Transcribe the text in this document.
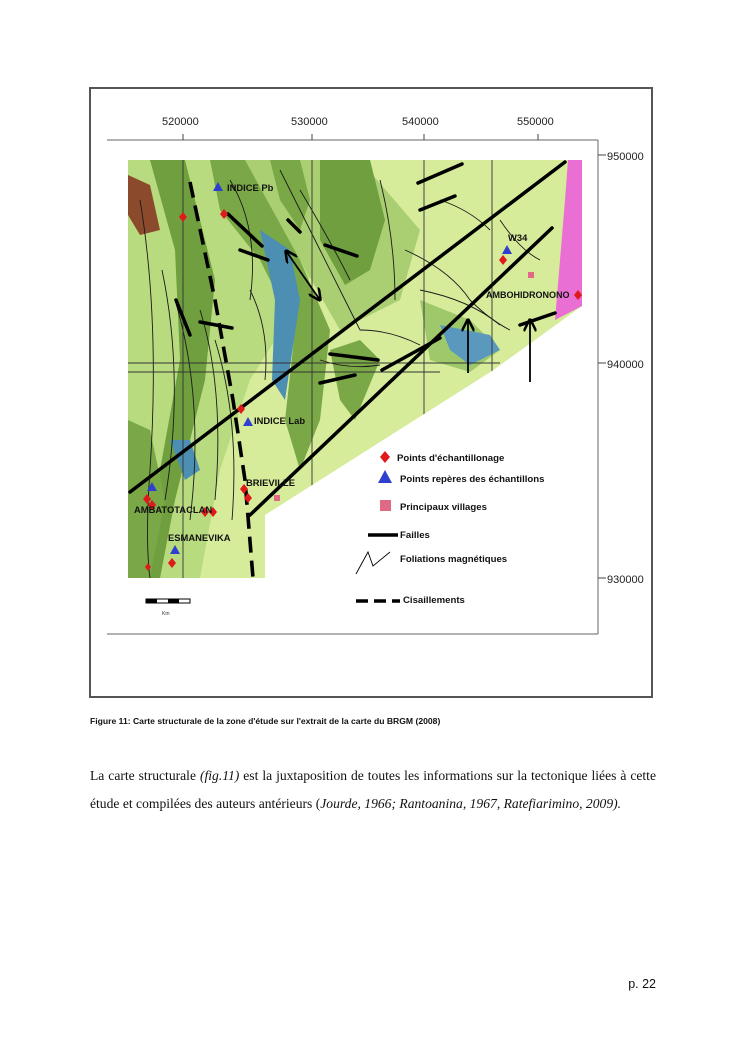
520000	530000	540000	550000
950000
940000
930000
INDICE Pb
W34
AMBOHIDRONONO
INDICE Lab
BRIEVILLE
AMBATOTACLAN
ESMANEVIKA
Km
Points d'échantillonage
Points repères des échantillons
Principaux villages
Failles
Foliations magnétiques
Cisaillements
Figure 11: Carte structurale de la zone d'étude sur l'extrait de la carte du BRGM (2008)
La carte structurale (fig.11) est la juxtaposition de toutes les informations sur la tectonique liées à cette étude et compilées des auteurs antérieurs (Jourde, 1966; Rantoanina, 1967, Ratefiarimino, 2009).
p. 22
